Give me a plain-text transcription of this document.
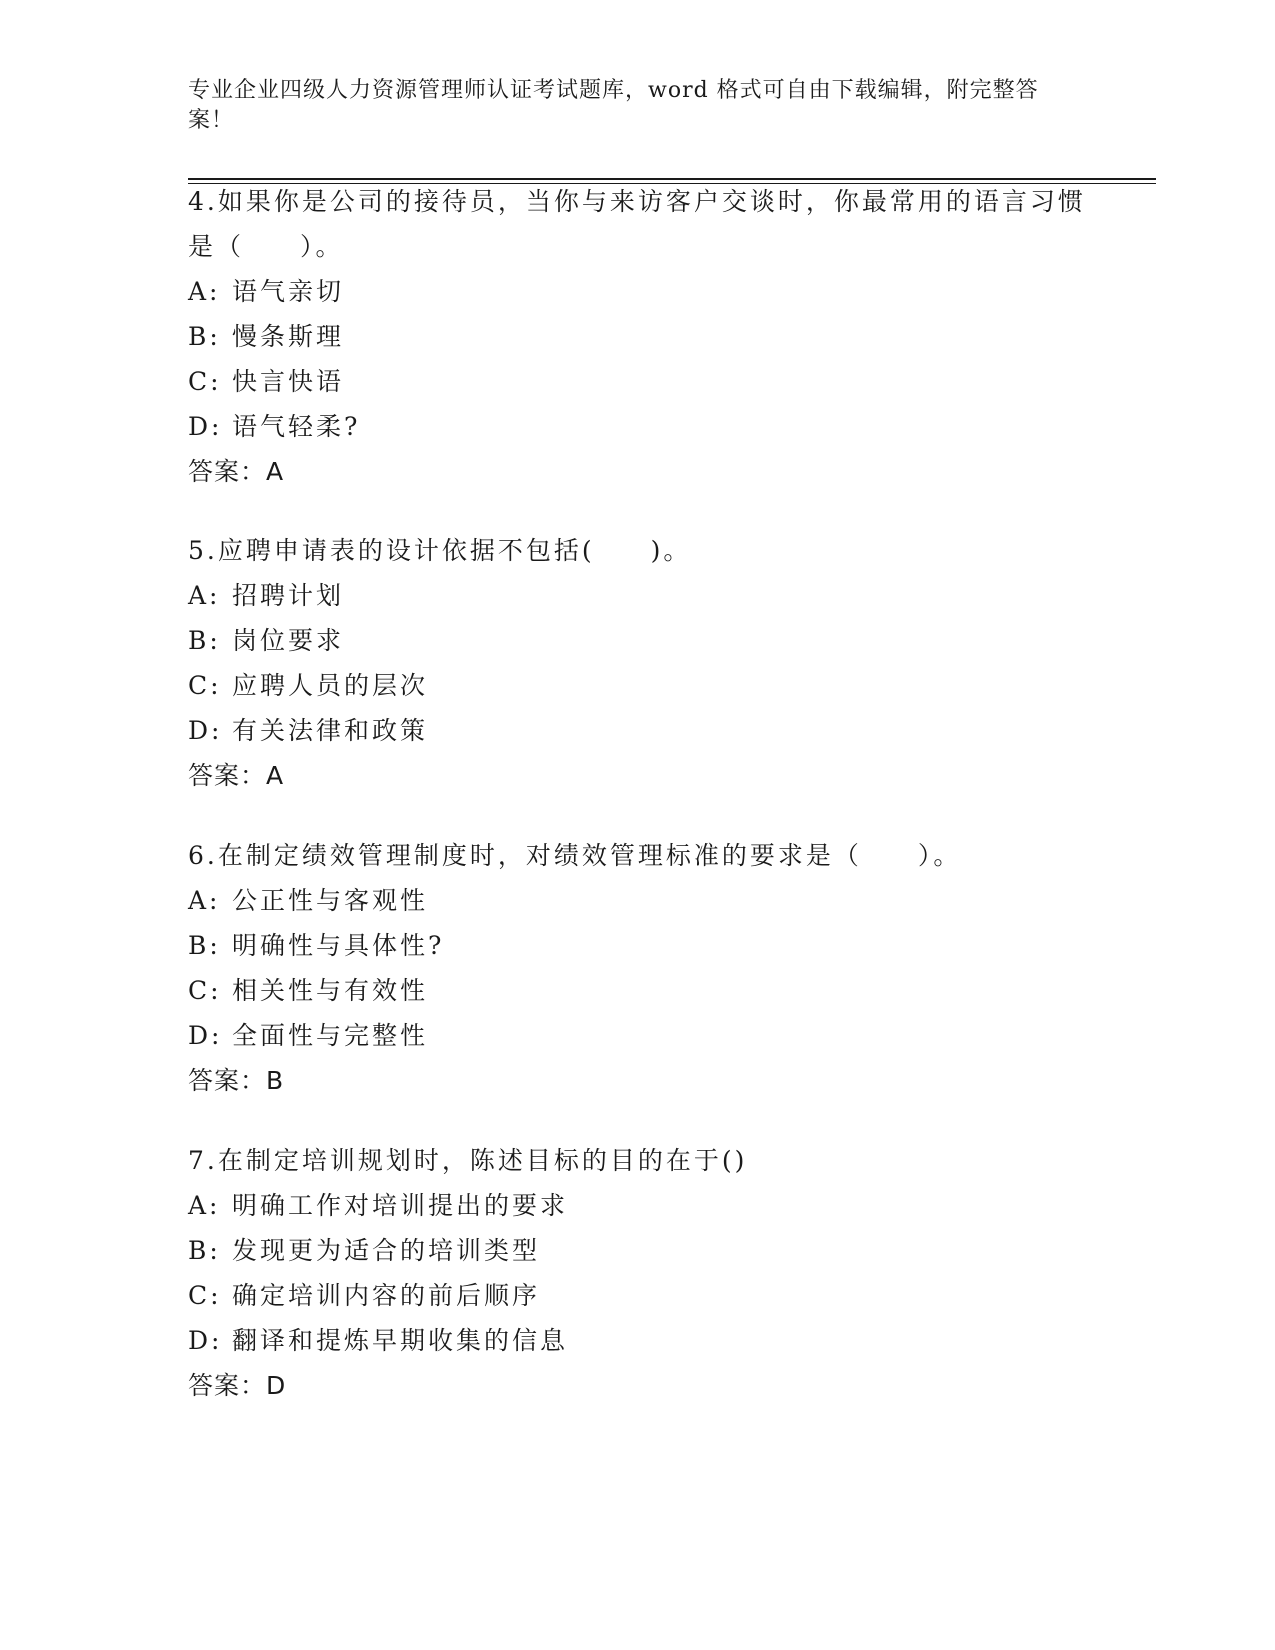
专业企业四级人力资源管理师认证考试题库，word 格式可自由下载编辑，附完整答案！

4.如果你是公司的接待员，当你与来访客户交谈时，你最常用的语言习惯是（　　）。

A: 语气亲切
B: 慢条斯理
C: 快言快语
D: 语气轻柔?
答案：A

5.应聘申请表的设计依据不包括(　　)。

A: 招聘计划
B: 岗位要求
C: 应聘人员的层次
D: 有关法律和政策
答案：A

6.在制定绩效管理制度时，对绩效管理标准的要求是（　　）。

A: 公正性与客观性
B: 明确性与具体性?
C: 相关性与有效性
D: 全面性与完整性
答案：B

7.在制定培训规划时，陈述目标的目的在于()

A: 明确工作对培训提出的要求
B: 发现更为适合的培训类型
C: 确定培训内容的前后顺序
D: 翻译和提炼早期收集的信息
答案：D
